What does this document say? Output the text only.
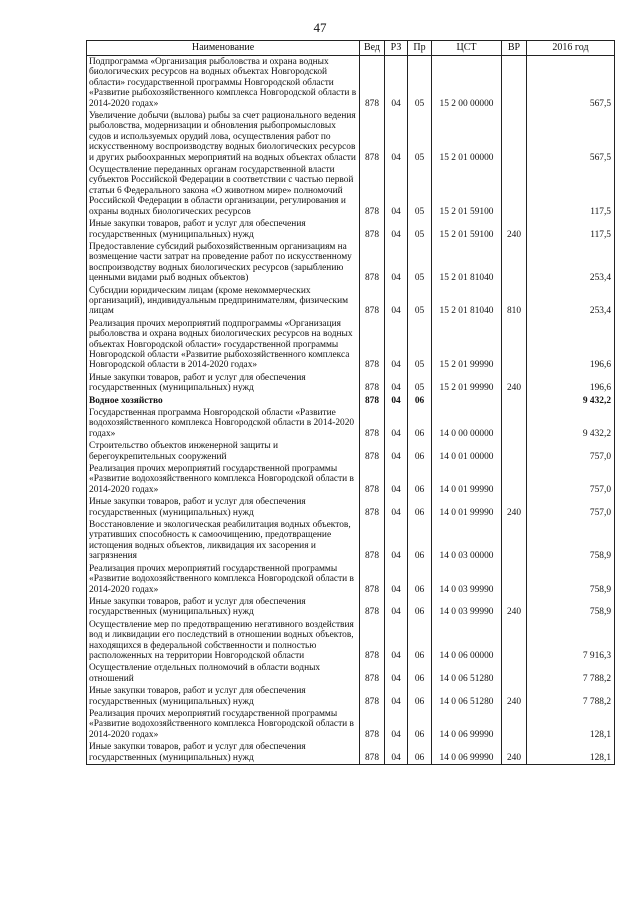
47
Наименование	Вед	РЗ	Пр	ЦСТ	ВР	2016 год
Подпрограмма «Организация рыболовства и охрана водных биологических ресурсов на водных объектах Новгородской области» государственной программы Новгородской области «Развитие рыбохозяйственного комплекса Новгородской области в 2014-2020 годах»	878	04	05	15 2 00 00000		567,5
Увеличение добычи (вылова) рыбы за счет рационального ведения рыболовства, модернизации и обновления рыбопромысловых судов и используемых орудий лова, осуществления работ по искусственному воспроизводству водных биологических ресурсов и других рыбоохранных мероприятий на водных объектах области	878	04	05	15 2 01 00000		567,5
Осуществление переданных органам государственной власти субъектов Российской Федерации в соответствии с частью первой статьи 6 Федерального закона «О животном мире» полномочий Российской Федерации в области организации, регулирования и охраны водных биологических ресурсов	878	04	05	15 2 01 59100		117,5
Иные закупки товаров, работ и услуг для обеспечения государственных (муниципальных) нужд	878	04	05	15 2 01 59100	240	117,5
Предоставление субсидий рыбохозяйственным организациям на возмещение части затрат на проведение работ по искусственному воспроизводству водных биологических ресурсов (зарыблению ценными видами рыб водных объектов)	878	04	05	15 2 01 81040		253,4
Субсидии юридическим лицам (кроме некоммерческих организаций), индивидуальным предпринимателям, физическим лицам	878	04	05	15 2 01 81040	810	253,4
Реализация прочих мероприятий подпрограммы «Организация рыболовства и охрана водных биологических ресурсов на водных объектах Новгородской области» государственной программы Новгородской области «Развитие рыбохозяйственного комплекса Новгородской области в 2014-2020 годах»	878	04	05	15 2 01 99990		196,6
Иные закупки товаров, работ и услуг для обеспечения государственных (муниципальных) нужд	878	04	05	15 2 01 99990	240	196,6
Водное хозяйство	878	04	06			9 432,2
Государственная программа Новгородской области «Развитие водохозяйственного комплекса Новгородской области в 2014-2020 годах»	878	04	06	14 0 00 00000		9 432,2
Строительство объектов инженерной защиты и берегоукрепительных сооружений	878	04	06	14 0 01 00000		757,0
Реализация прочих мероприятий государственной программы «Развитие водохозяйственного комплекса Новгородской области в 2014-2020 годах»	878	04	06	14 0 01 99990		757,0
Иные закупки товаров, работ и услуг для обеспечения государственных (муниципальных) нужд	878	04	06	14 0 01 99990	240	757,0
Восстановление и экологическая реабилитация водных объектов, утративших способность к самоочищению, предотвращение истощения водных объектов, ликвидация их засорения и загрязнения	878	04	06	14 0 03 00000		758,9
Реализация прочих мероприятий государственной программы «Развитие водохозяйственного комплекса Новгородской области в 2014-2020 годах»	878	04	06	14 0 03 99990		758,9
Иные закупки товаров, работ и услуг для обеспечения государственных (муниципальных) нужд	878	04	06	14 0 03 99990	240	758,9
Осуществление мер по предотвращению негативного воздействия вод и ликвидации его последствий в отношении водных объектов, находящихся в федеральной собственности и полностью расположенных на территории Новгородской области	878	04	06	14 0 06 00000		7 916,3
Осуществление отдельных полномочий в области водных отношений	878	04	06	14 0 06 51280		7 788,2
Иные закупки товаров, работ и услуг для обеспечения государственных (муниципальных) нужд	878	04	06	14 0 06 51280	240	7 788,2
Реализация прочих мероприятий государственной программы «Развитие водохозяйственного комплекса Новгородской области в 2014-2020 годах»	878	04	06	14 0 06 99990		128,1
Иные закупки товаров, работ и услуг для обеспечения государственных (муниципальных) нужд	878	04	06	14 0 06 99990	240	128,1
